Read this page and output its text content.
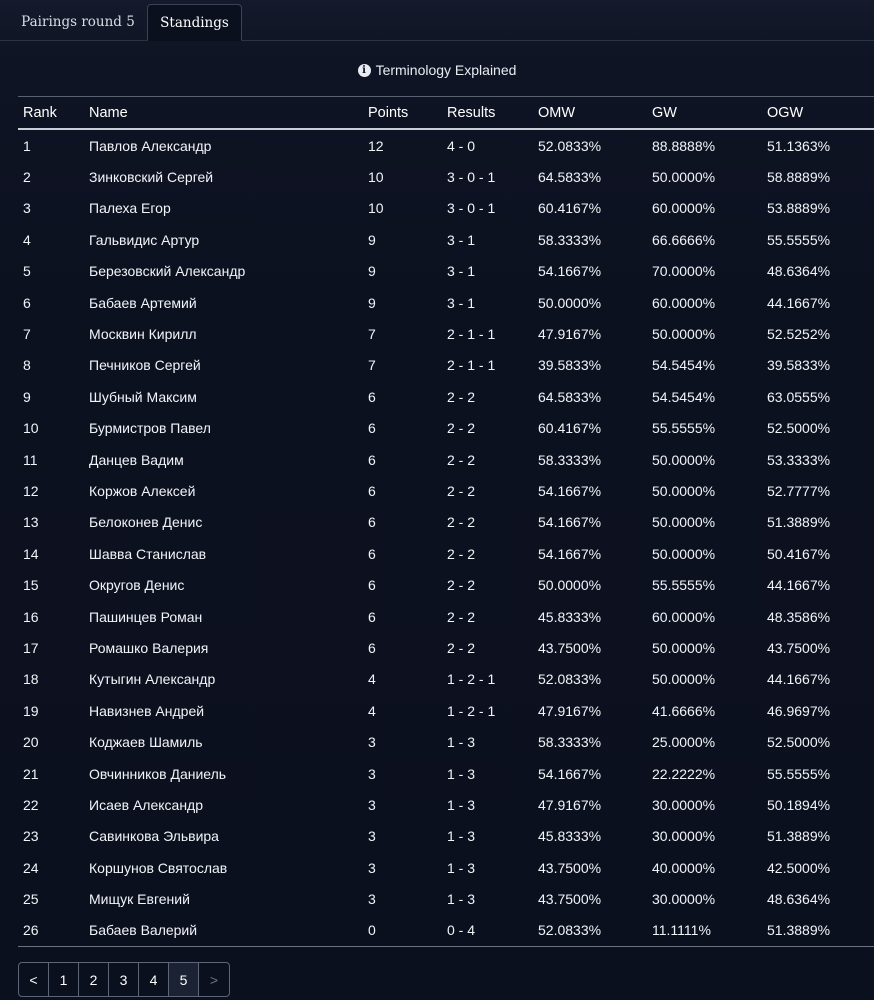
Pairings round 5	Standings
i Terminology Explained
Rank	Name	Points	Results	OMW	GW	OGW
1	Павлов Александр	12	4 - 0	52.0833%	88.8888%	51.1363%
2	Зинковский Сергей	10	3 - 0 - 1	64.5833%	50.0000%	58.8889%
3	Палеха Егор	10	3 - 0 - 1	60.4167%	60.0000%	53.8889%
4	Гальвидис Артур	9	3 - 1	58.3333%	66.6666%	55.5555%
5	Березовский Александр	9	3 - 1	54.1667%	70.0000%	48.6364%
6	Бабаев Артемий	9	3 - 1	50.0000%	60.0000%	44.1667%
7	Москвин Кирилл	7	2 - 1 - 1	47.9167%	50.0000%	52.5252%
8	Печников Сергей	7	2 - 1 - 1	39.5833%	54.5454%	39.5833%
9	Шубный Максим	6	2 - 2	64.5833%	54.5454%	63.0555%
10	Бурмистров Павел	6	2 - 2	60.4167%	55.5555%	52.5000%
11	Данцев Вадим	6	2 - 2	58.3333%	50.0000%	53.3333%
12	Коржов Алексей	6	2 - 2	54.1667%	50.0000%	52.7777%
13	Белоконев Денис	6	2 - 2	54.1667%	50.0000%	51.3889%
14	Шавва Станислав	6	2 - 2	54.1667%	50.0000%	50.4167%
15	Округов Денис	6	2 - 2	50.0000%	55.5555%	44.1667%
16	Пашинцев Роман	6	2 - 2	45.8333%	60.0000%	48.3586%
17	Ромашко Валерия	6	2 - 2	43.7500%	50.0000%	43.7500%
18	Кутыгин Александр	4	1 - 2 - 1	52.0833%	50.0000%	44.1667%
19	Навизнев Андрей	4	1 - 2 - 1	47.9167%	41.6666%	46.9697%
20	Коджаев Шамиль	3	1 - 3	58.3333%	25.0000%	52.5000%
21	Овчинников Даниель	3	1 - 3	54.1667%	22.2222%	55.5555%
22	Исаев Александр	3	1 - 3	47.9167%	30.0000%	50.1894%
23	Савинкова Эльвира	3	1 - 3	45.8333%	30.0000%	51.3889%
24	Коршунов Святослав	3	1 - 3	43.7500%	40.0000%	42.5000%
25	Мищук Евгений	3	1 - 3	43.7500%	30.0000%	48.6364%
26	Бабаев Валерий	0	0 - 4	52.0833%	11.1111%	51.3889%
<	1	2	3	4	5	>
